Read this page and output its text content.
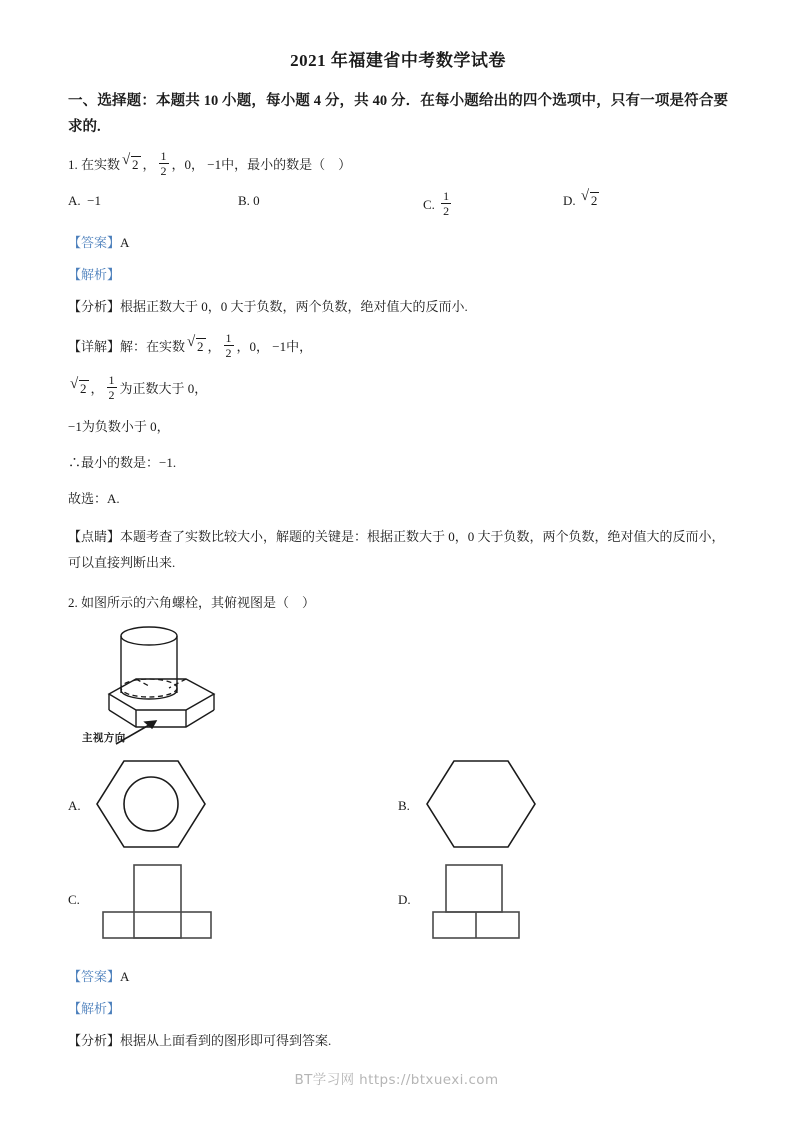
2021 年福建省中考数学试卷
一、选择题：本题共 10 小题，每小题 4 分，共 40 分．在每小题给出的四个选项中，只有一项是符合要求的.
1. 在实数 √ 2 ， $\frac{1}{2}$ ，0， −1中，最小的数是（ ）
A. −1	B. 0	C. $\frac{1}{2}$	D. √ 2
【答案】A
【解析】
【分析】根据正数大于 0，0 大于负数，两个负数，绝对值大的反而小.
【详解】解：在实数 √ 2 ， $\frac{1}{2}$ ，0， −1中，
√ 2 ， $\frac{1}{2}$ 为正数大于 0，
−1为负数小于 0，
∴最小的数是：−1.
故选：A.
【点睛】本题考查了实数比较大小，解题的关键是：根据正数大于 0，0 大于负数，两个负数，绝对值大的反而小，可以直接判断出来.
2. 如图所示的六角螺栓，其俯视图是（ ）
主视方向
A.	B.
C.	D.
【答案】A
【解析】
【分析】根据从上面看到的图形即可得到答案.
BT学习网 https://btxuexi.com
